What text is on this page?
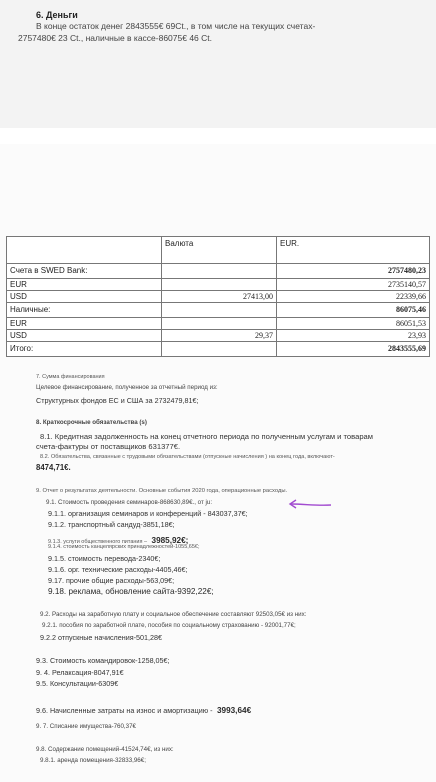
6. Деньги
В конце остаток денег 2843555€ 69Ct., в том числе на текущих счетах-
2757480€ 23 Ct., наличные в кассе-86075€ 46 Ct.
	Валюта	EUR.
Счета в SWED Bank:		2757480,23
EUR		2735140,57
USD	27413,00	22339,66
Наличные:		86075,46
EUR		86051,53
USD	29,37	23,93
Итого:		2843555,69
7. Сумма финансирования
Целевое финансирование, полученное за отчетный период из:
Структурных фондов ЕС и США за 2732479,81€;
8. Краткосрочные обязательства (s)
8.1. Кредитная задолженность на конец отчетного периода по полученным услугам и товарам
счета-фактуры от поставщиков 631377€.
8.2. Обязательства, связанные с трудовыми обязательствами (отпускные начисления ) на конец года, включают-
8474,71€.
9. Отчет о результатах деятельности. Основные события 2020 года, операционные расходы.
9.1. Стоимость проведения семинаров-868630,89€., от ju:
9.1.1. организация семинаров и конференций - 843037,37€;
9.1.2. транспортный сандуд-3851,18€;
9.1.3. услуги общественного питания – 3985,92€;
9.1.4. стоимость канцелярских принадлежностей-1055,65€;
9.1.5. стоимость перевода-2340€;
9.1.6. орг. технические расходы-4405,46€;
9.17. прочие общие расходы-563,09€;
9.18. реклама, обновление сайта-9392,22€;
9.2. Расходы на заработную плату и социальное обеспечение составляют 92503,05€ из них:
9.2.1. пособия по заработной плате, пособия по социальному страхованию - 92001,77€;
9.2.2 отпускные начисления-501,28€
9.3. Стоимость командировок-1258,05€;
9. 4. Релаксация-8047,91€
9.5. Консультации-6309€
9.6. Начисленные затраты на износ и амортизацию - 3993,64€
9. 7. Списание имущества-760,37€
9.8. Содержание помещений-41524,74€, из них:
9.8.1. аренда помещения-32833,96€;
